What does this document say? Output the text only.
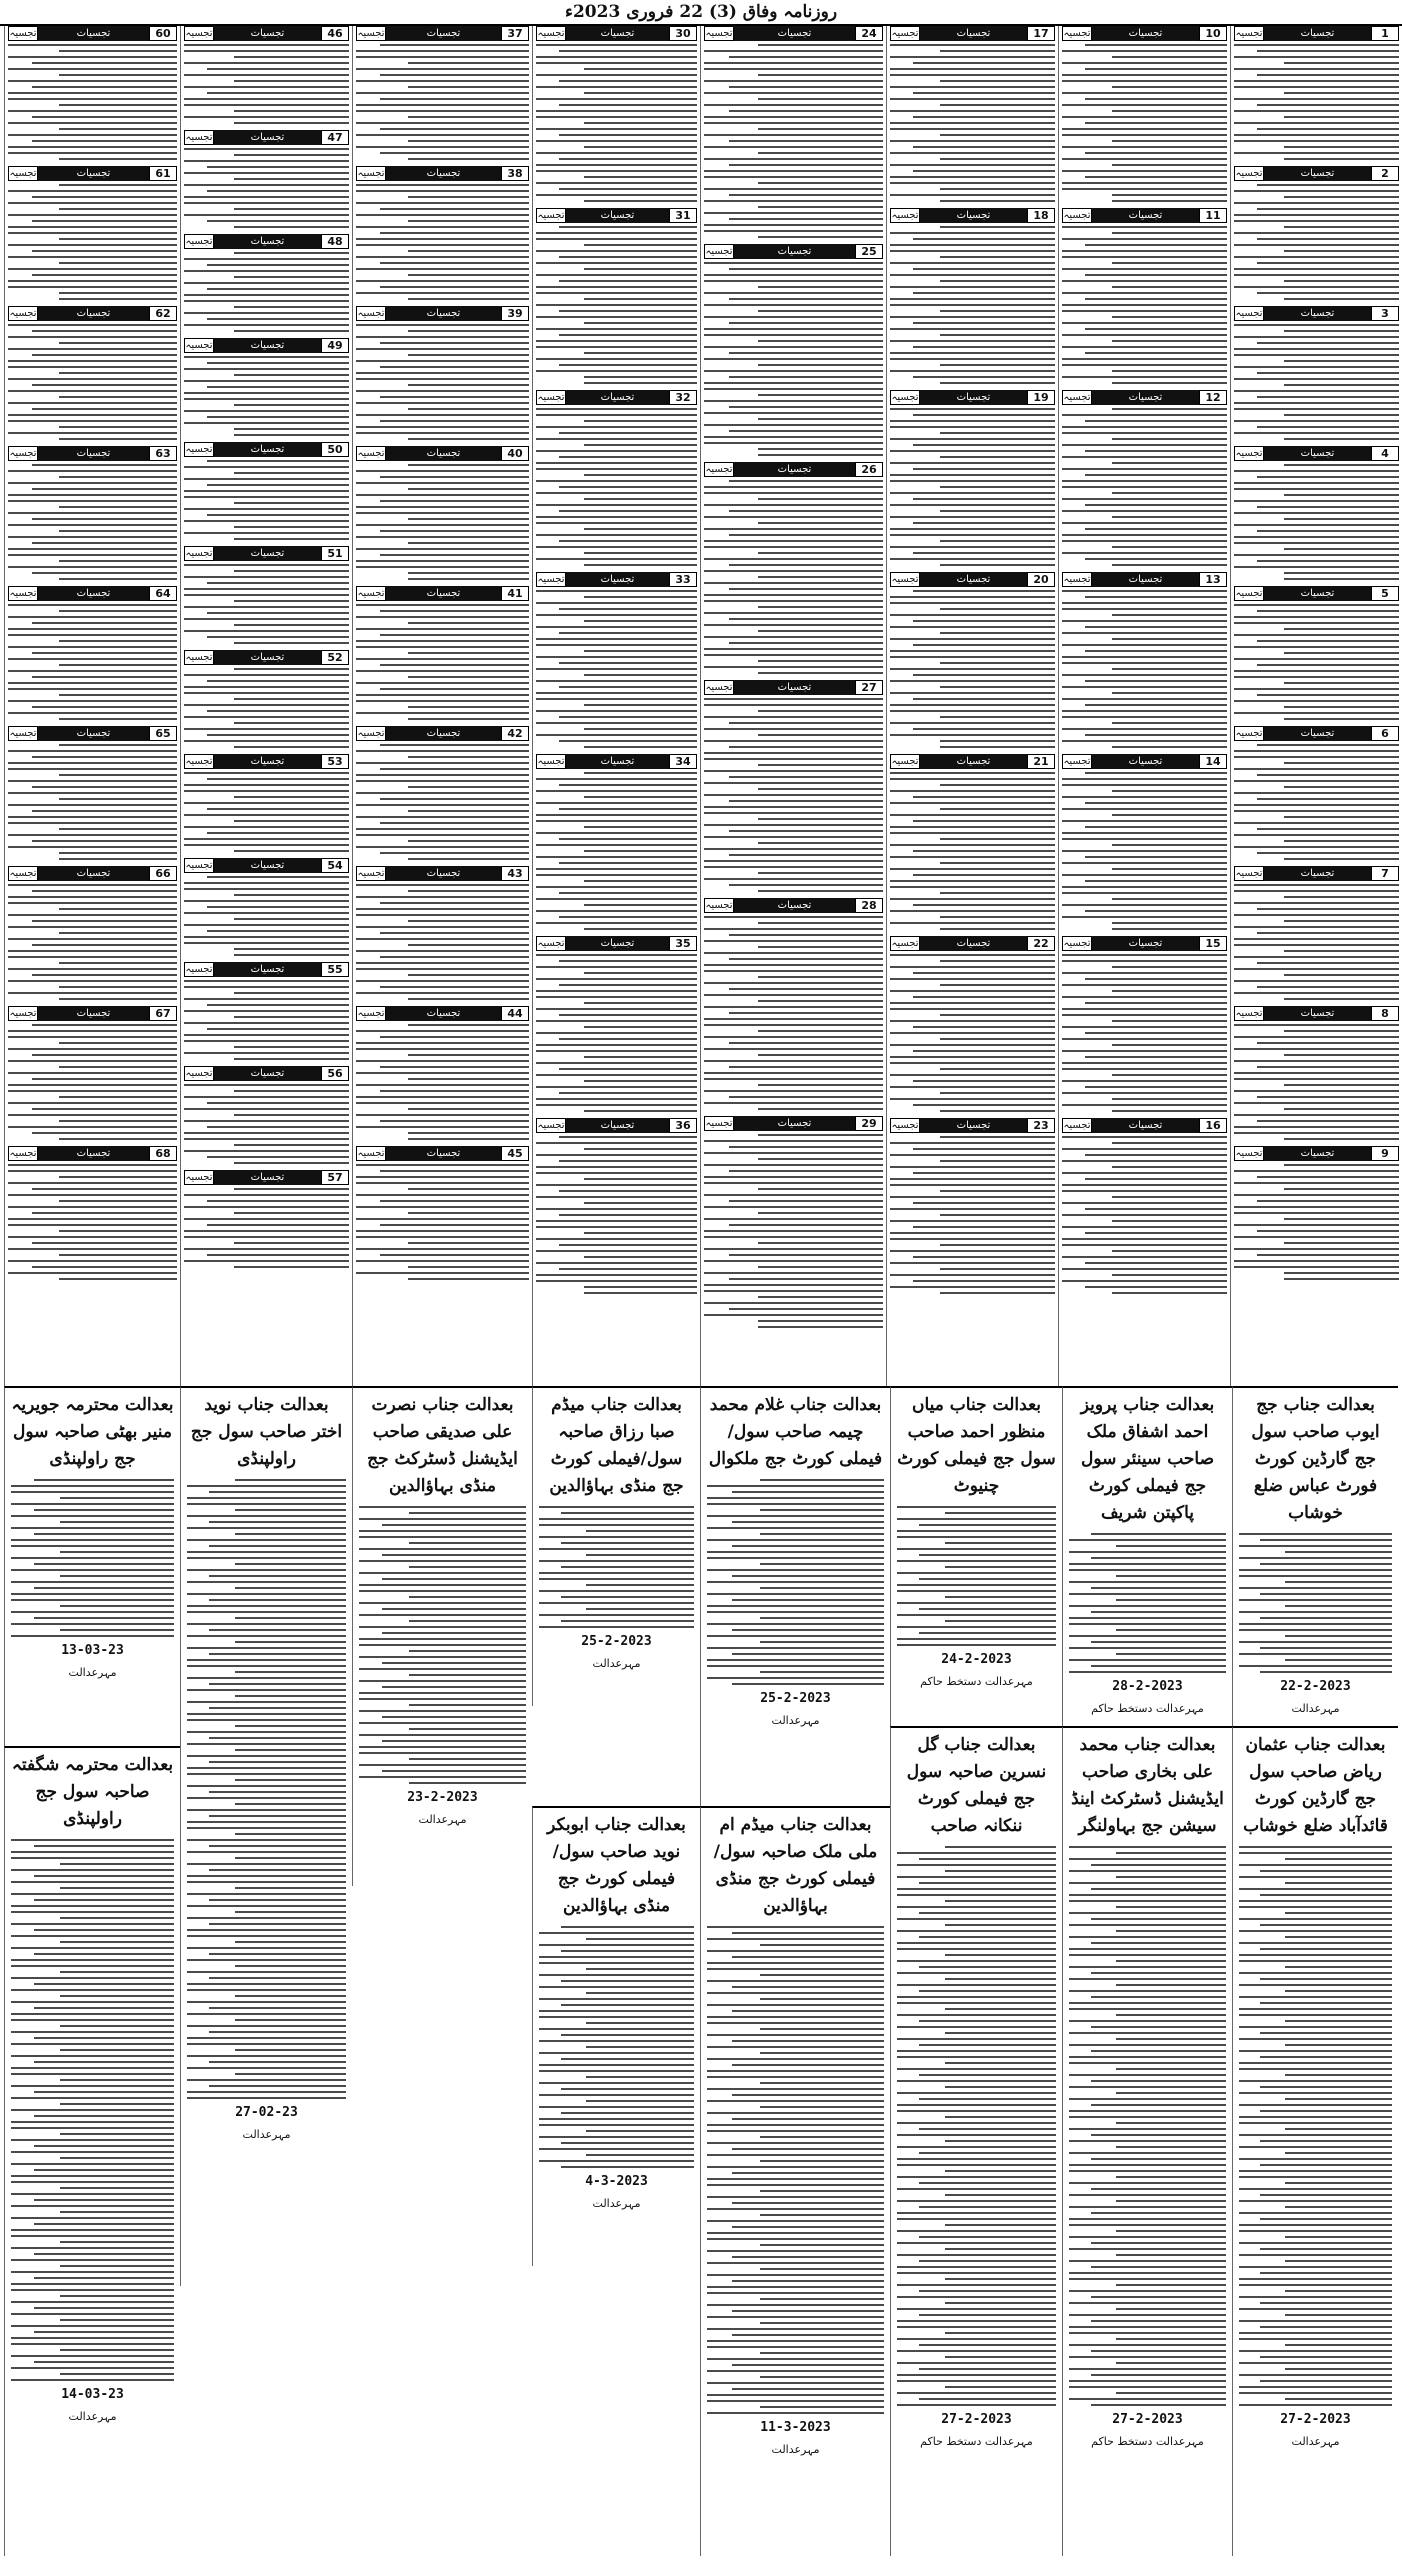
روزنامہ وفاق (3) 22 فروری 2023ء
تجسیہ	تجسیات	1
تجسیہ	تجسیات	2
تجسیہ	تجسیات	3
تجسیہ	تجسیات	4
تجسیہ	تجسیات	5
تجسیہ	تجسیات	6
تجسیہ	تجسیات	7
تجسیہ	تجسیات	8
تجسیہ	تجسیات	9
تجسیہ	تجسیات	10
تجسیہ	تجسیات	11
تجسیہ	تجسیات	12
تجسیہ	تجسیات	13
تجسیہ	تجسیات	14
تجسیہ	تجسیات	15
تجسیہ	تجسیات	16
تجسیہ	تجسیات	17
تجسیہ	تجسیات	18
تجسیہ	تجسیات	19
تجسیہ	تجسیات	20
تجسیہ	تجسیات	21
تجسیہ	تجسیات	22
تجسیہ	تجسیات	23
تجسیہ	تجسیات	24
تجسیہ	تجسیات	25
تجسیہ	تجسیات	26
تجسیہ	تجسیات	27
تجسیہ	تجسیات	28
تجسیہ	تجسیات	29
تجسیہ	تجسیات	30
تجسیہ	تجسیات	31
تجسیہ	تجسیات	32
تجسیہ	تجسیات	33
تجسیہ	تجسیات	34
تجسیہ	تجسیات	35
تجسیہ	تجسیات	36
تجسیہ	تجسیات	37
تجسیہ	تجسیات	38
تجسیہ	تجسیات	39
تجسیہ	تجسیات	40
تجسیہ	تجسیات	41
تجسیہ	تجسیات	42
تجسیہ	تجسیات	43
تجسیہ	تجسیات	44
تجسیہ	تجسیات	45
تجسیہ	تجسیات	46
تجسیہ	تجسیات	47
تجسیہ	تجسیات	48
تجسیہ	تجسیات	49
تجسیہ	تجسیات	50
تجسیہ	تجسیات	51
تجسیہ	تجسیات	52
تجسیہ	تجسیات	53
تجسیہ	تجسیات	54
تجسیہ	تجسیات	55
تجسیہ	تجسیات	56
تجسیہ	تجسیات	57
تجسیہ	تجسیات	60
تجسیہ	تجسیات	61
تجسیہ	تجسیات	62
تجسیہ	تجسیات	63
تجسیہ	تجسیات	64
تجسیہ	تجسیات	65
تجسیہ	تجسیات	66
تجسیہ	تجسیات	67
تجسیہ	تجسیات	68
بعدالت جناب جج ایوب صاحب سول جج گارڈین کورٹ فورٹ عباس ضلع خوشاب
22-2-2023
مہرعدالت
بعدالت جناب پرویز احمد اشفاق ملک صاحب سینئر سول جج فیملی کورٹ پاکپتن شریف
28-2-2023
مہرعدالت دستخط حاکم
بعدالت جناب میاں منظور احمد صاحب سول جج فیملی کورٹ چنیوٹ
24-2-2023
مہرعدالت دستخط حاکم
بعدالت جناب غلام محمد چیمہ صاحب سول/فیملی کورٹ جج ملکوال
25-2-2023
مہرعدالت
بعدالت جناب میڈم صبا رزاق صاحبہ سول/فیملی کورٹ جج منڈی بہاؤالدین
25-2-2023
مہرعدالت
بعدالت محترمہ جویریہ منیر بھٹی صاحبہ سول جج راولپنڈی
13-03-23
مہرعدالت
بعدالت جناب عثمان ریاض صاحب سول جج گارڈین کورٹ قائدآباد ضلع خوشاب
27-2-2023
مہرعدالت
بعدالت جناب محمد علی بخاری صاحب ایڈیشنل ڈسٹرکٹ اینڈ سیشن جج بہاولنگر
27-2-2023
مہرعدالت دستخط حاکم
بعدالت جناب گل نسرین صاحبہ سول جج فیملی کورٹ ننکانہ صاحب
27-2-2023
مہرعدالت دستخط حاکم
بعدالت جناب میڈم ام ملی ملک صاحبہ سول/فیملی کورٹ جج منڈی بہاؤالدین
11-3-2023
مہرعدالت
بعدالت جناب ابوبکر نوید صاحب سول/فیملی کورٹ جج منڈی بہاؤالدین
4-3-2023
مہرعدالت
بعدالت جناب نصرت علی صدیقی صاحب ایڈیشنل ڈسٹرکٹ جج منڈی بہاؤالدین
23-2-2023
مہرعدالت
بعدالت جناب نوید اختر صاحب سول جج راولپنڈی
27-02-23
مہرعدالت
بعدالت محترمہ شگفتہ صاحبہ سول جج راولپنڈی
14-03-23
مہرعدالت
